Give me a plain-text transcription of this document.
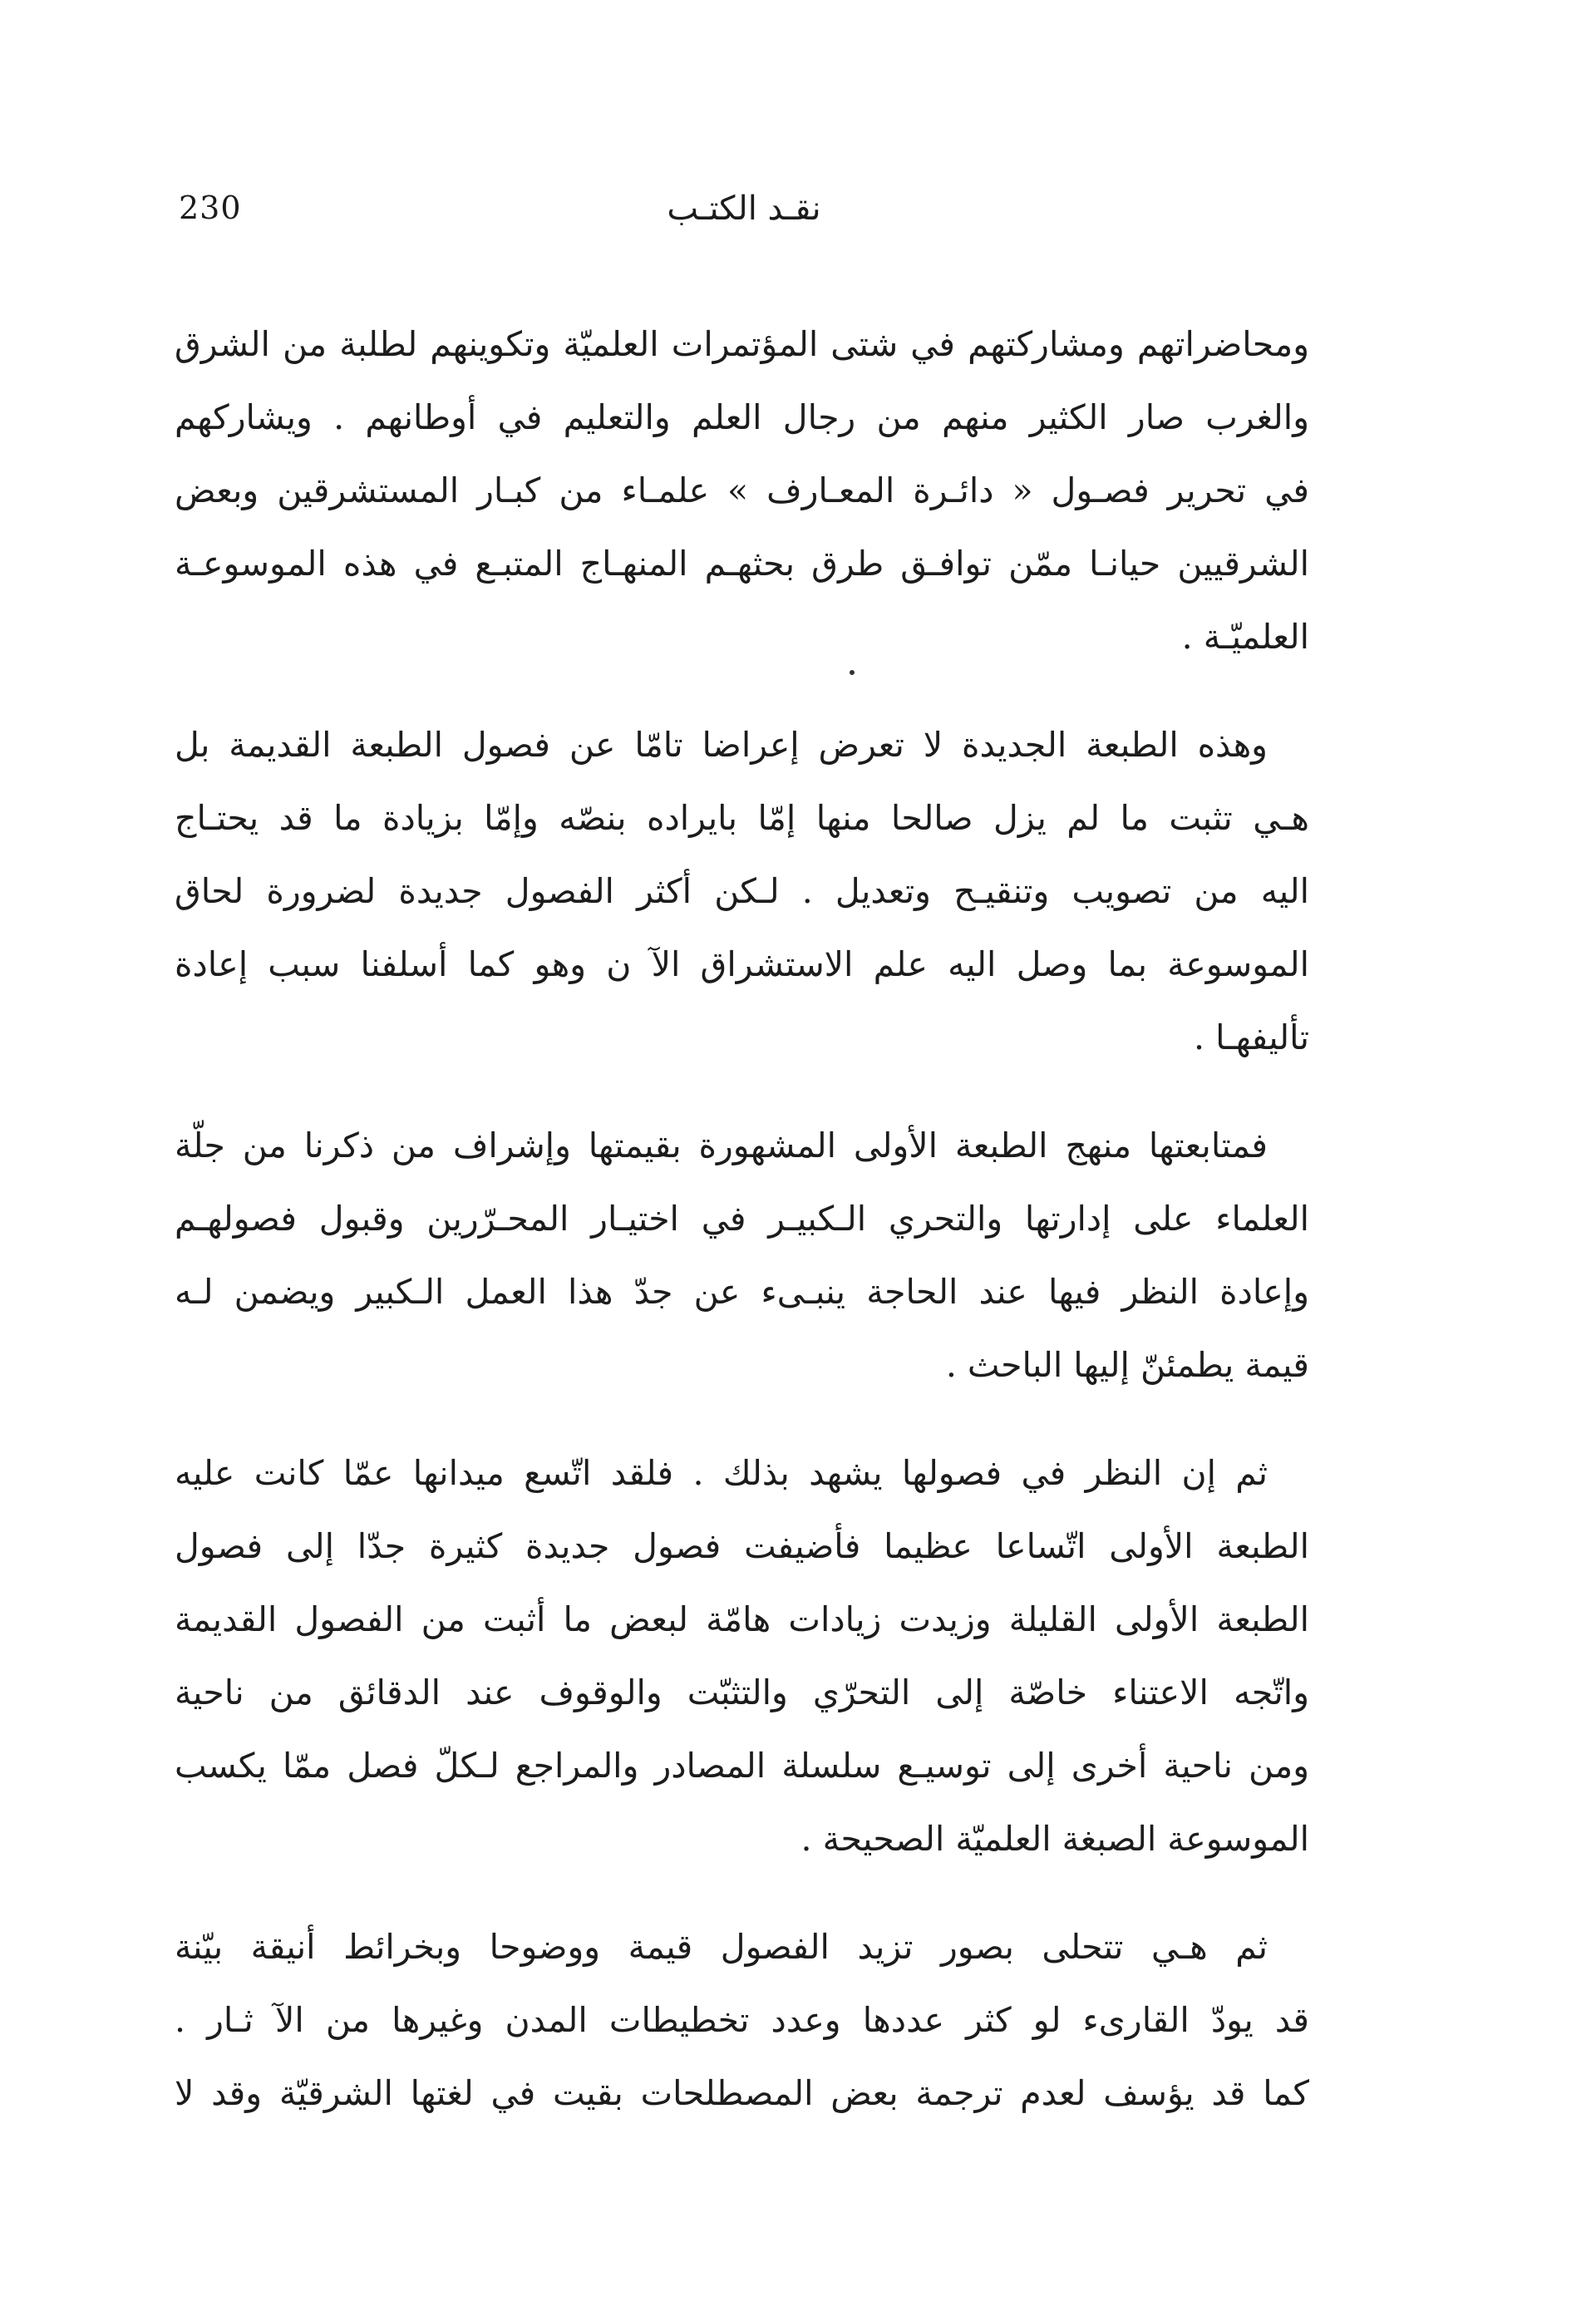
230	نقـد الكتـب
ومحاضراتهم ومشاركتهم في شتى المؤتمرات العلميّة وتكوينهم لطلبة من الشرق
والغرب صار الكثير منهم من رجال العلم والتعليم في أوطانهم . ويشاركهم
في تحرير فصـول « دائـرة المعـارف » علمـاء من كبـار المستشرقين وبعض
الشرقيين حيانـا ممّن توافـق طرق بحثهـم المنهـاج المتبـع في هذه الموسوعـة
العلميّـة .
وهذه الطبعة الجديدة لا تعرض إعراضا تامّا عن فصول الطبعة القديمة بل
هـي تثبت ما لم يزل صالحا منها إمّا بايراده بنصّه وإمّا بزيادة ما قد يحتـاج
اليه من تصويب وتنقيـح وتعديل . لـكن أكثر الفصول جديدة لضرورة لحاق
الموسوعة بما وصل اليه علم الاستشراق الآ ن وهو كما أسلفنا سبب إعادة
تأليفهـا .
فمتابعتها منهج الطبعة الأولى المشهورة بقيمتها وإشراف من ذكرنا من جلّة
العلماء على إدارتها والتحري الـكبيـر في اختيـار المحـرّرين وقبول فصولهـم
وإعادة النظر فيها عند الحاجة ينبـىء عن جدّ هذا العمل الـكبير ويضمن لـه
قيمة يطمئنّ إليها الباحث .
ثم إن النظر في فصولها يشهد بذلك . فلقد اتّسع ميدانها عمّا كانت عليه
الطبعة الأولى اتّساعا عظيما فأضيفت فصول جديدة كثيرة جدّا إلى فصول
الطبعة الأولى القليلة وزيدت زيادات هامّة لبعض ما أثبت من الفصول القديمة
واتّجه الاعتناء خاصّة إلى التحرّي والتثبّت والوقوف عند الدقائق من ناحية
ومن ناحية أخرى إلى توسيـع سلسلة المصادر والمراجع لـكلّ فصل ممّا يكسب
الموسوعة الصبغة العلميّة الصحيحة .
ثم هـي تتحلى بصور تزيد الفصول قيمة ووضوحا وبخرائط أنيقة بيّنة
قد يودّ القارىء لو كثر عددها وعدد تخطيطات المدن وغيرها من الآ ثـار .
كما قد يؤسف لعدم ترجمة بعض المصطلحات بقيت في لغتها الشرقيّة وقد لا
